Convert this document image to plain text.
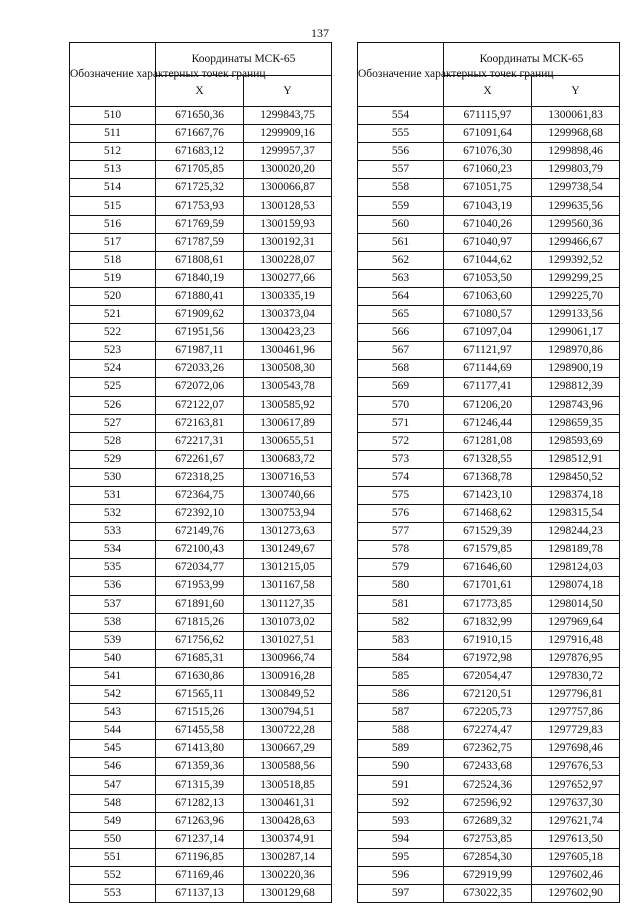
137
Обозначение характерных точек границ	Координаты МСК-65	
	X	Y
510	671650,36	1299843,75
511	671667,76	1299909,16
512	671683,12	1299957,37
513	671705,85	1300020,20
514	671725,32	1300066,87
515	671753,93	1300128,53
516	671769,59	1300159,93
517	671787,59	1300192,31
518	671808,61	1300228,07
519	671840,19	1300277,66
520	671880,41	1300335,19
521	671909,62	1300373,04
522	671951,56	1300423,23
523	671987,11	1300461,96
524	672033,26	1300508,30
525	672072,06	1300543,78
526	672122,07	1300585,92
527	672163,81	1300617,89
528	672217,31	1300655,51
529	672261,67	1300683,72
530	672318,25	1300716,53
531	672364,75	1300740,66
532	672392,10	1300753,94
533	672149,76	1301273,63
534	672100,43	1301249,67
535	672034,77	1301215,05
536	671953,99	1301167,58
537	671891,60	1301127,35
538	671815,26	1301073,02
539	671756,62	1301027,51
540	671685,31	1300966,74
541	671630,86	1300916,28
542	671565,11	1300849,52
543	671515,26	1300794,51
544	671455,58	1300722,28
545	671413,80	1300667,29
546	671359,36	1300588,56
547	671315,39	1300518,85
548	671282,13	1300461,31
549	671263,96	1300428,63
550	671237,14	1300374,91
551	671196,85	1300287,14
552	671169,46	1300220,36
553	671137,13	1300129,68
Обозначение характерных точек границ	Координаты МСК-65	
	X	Y
554	671115,97	1300061,83
555	671091,64	1299968,68
556	671076,30	1299898,46
557	671060,23	1299803,79
558	671051,75	1299738,54
559	671043,19	1299635,56
560	671040,26	1299560,36
561	671040,97	1299466,67
562	671044,62	1299392,52
563	671053,50	1299299,25
564	671063,60	1299225,70
565	671080,57	1299133,56
566	671097,04	1299061,17
567	671121,97	1298970,86
568	671144,69	1298900,19
569	671177,41	1298812,39
570	671206,20	1298743,96
571	671246,44	1298659,35
572	671281,08	1298593,69
573	671328,55	1298512,91
574	671368,78	1298450,52
575	671423,10	1298374,18
576	671468,62	1298315,54
577	671529,39	1298244,23
578	671579,85	1298189,78
579	671646,60	1298124,03
580	671701,61	1298074,18
581	671773,85	1298014,50
582	671832,99	1297969,64
583	671910,15	1297916,48
584	671972,98	1297876,95
585	672054,47	1297830,72
586	672120,51	1297796,81
587	672205,73	1297757,86
588	672274,47	1297729,83
589	672362,75	1297698,46
590	672433,68	1297676,53
591	672524,36	1297652,97
592	672596,92	1297637,30
593	672689,32	1297621,74
594	672753,85	1297613,50
595	672854,30	1297605,18
596	672919,99	1297602,46
597	673022,35	1297602,90
